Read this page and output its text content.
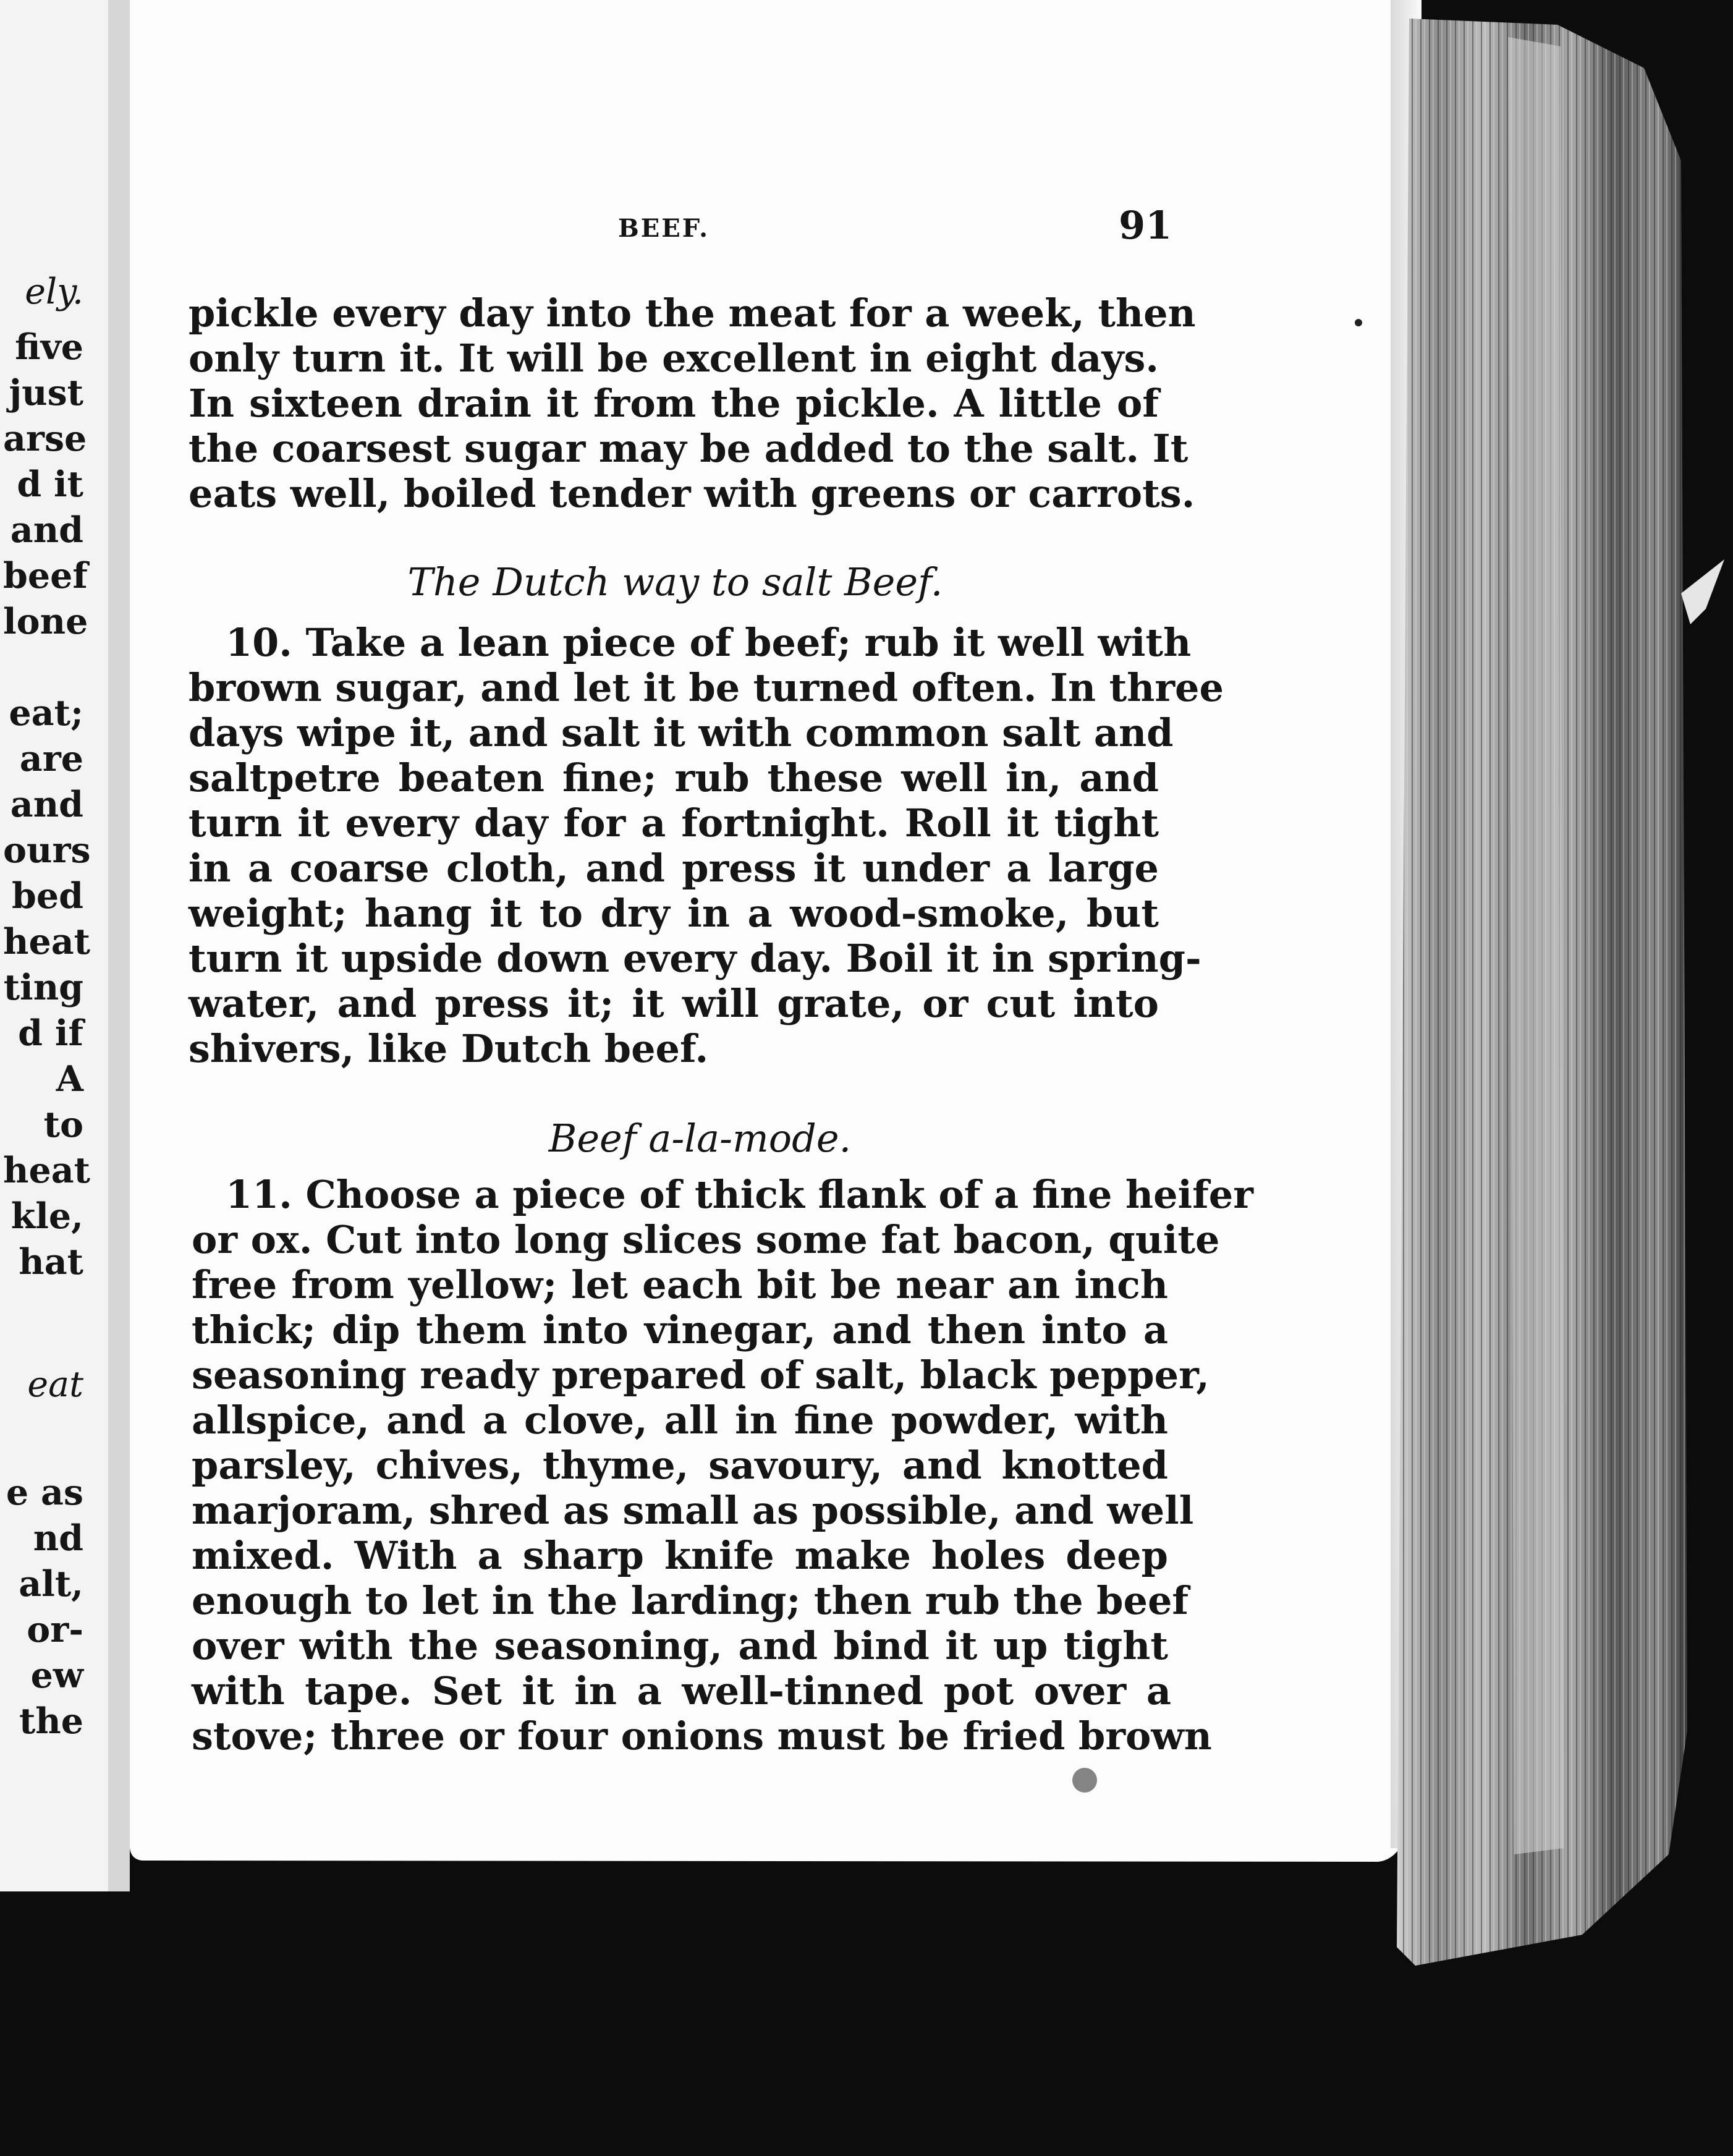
ely.
five
just
arse
d it
and
beef
lone
eat;
are
and
ours
bed
heat
ting
d if
A
to
heat
kle,
hat
eat
e as
nd
alt,
or-
ew
the
BEEF.	91
pickle every day into the meat for a week, then
only turn it. It will be excellent in eight days.
In sixteen drain it from the pickle. A little of
the coarsest sugar may be added to the salt. It
eats well, boiled tender with greens or carrots.
The Dutch way to salt Beef.
10. Take a lean piece of beef; rub it well with
brown sugar, and let it be turned often. In three
days wipe it, and salt it with common salt and
saltpetre beaten fine; rub these well in, and
turn it every day for a fortnight. Roll it tight
in a coarse cloth, and press it under a large
weight; hang it to dry in a wood-smoke, but
turn it upside down every day. Boil it in spring-
water, and press it; it will grate, or cut into
shivers, like Dutch beef.
Beef a-la-mode.
11. Choose a piece of thick flank of a fine heifer
or ox. Cut into long slices some fat bacon, quite
free from yellow; let each bit be near an inch
thick; dip them into vinegar, and then into a
seasoning ready prepared of salt, black pepper,
allspice, and a clove, all in fine powder, with
parsley, chives, thyme, savoury, and knotted
marjoram, shred as small as possible, and well
mixed. With a sharp knife make holes deep
enough to let in the larding; then rub the beef
over with the seasoning, and bind it up tight
with tape. Set it in a well-tinned pot over a
stove; three or four onions must be fried brown
